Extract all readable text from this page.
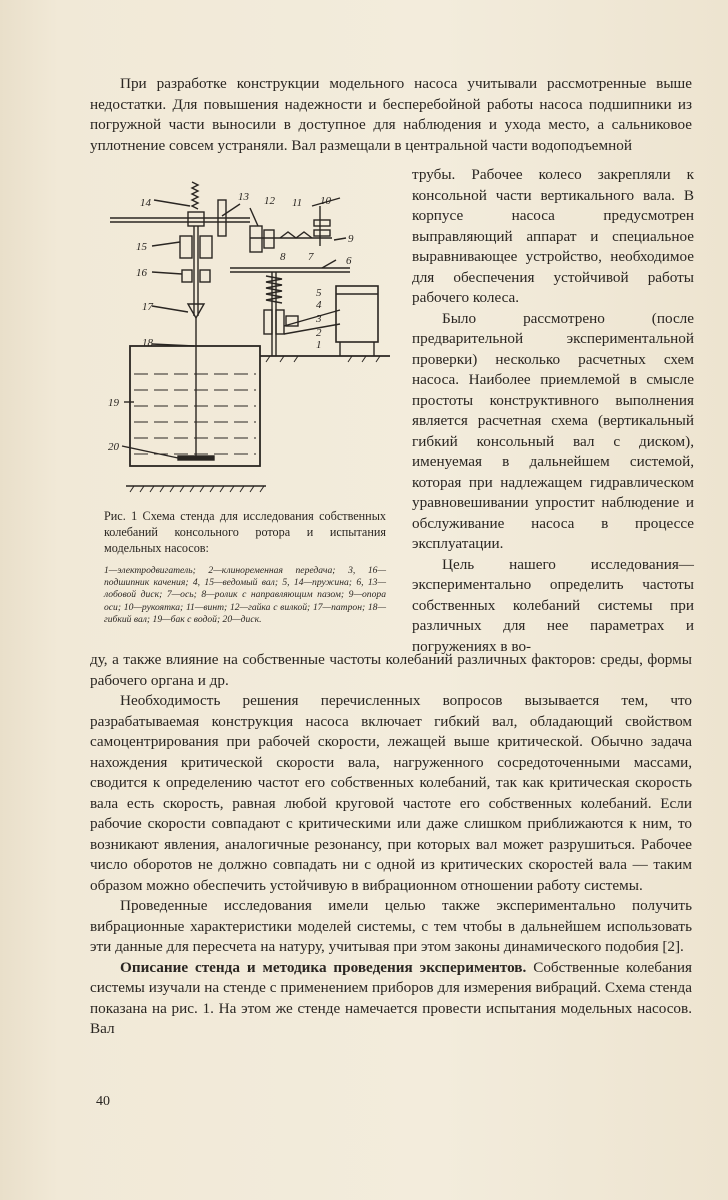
При разработке конструкции модельного насоса учитывали рассмотренные выше недостатки. Для повышения надежности и бесперебойной работы насоса подшипники из погружной части выносили в доступное для наблюдения и ухода место, а сальниковое уплотнение совсем устраняли. Вал размещали в центральной части водоподъемной

трубы. Рабочее колесо закрепляли к консольной части вертикального вала. В корпусе насоса предусмотрен выправляющий аппарат и специальное выравнивающее устройство, необходимое для обеспечения устойчивой работы рабочего колеса.

Было рассмотрено (после предварительной экспериментальной проверки) несколько расчетных схем насоса. Наиболее приемлемой в смысле простоты конструктивного выполнения является расчетная схема (вертикальный гибкий консольный вал с диском), именуемая в дальнейшем системой, которая при надлежащем гидравлическом уравновешивании упростит наблюдение и обслуживание насоса в процессе эксплуатации.

Цель нашего исследования—экспериментально определить частоты собственных колебаний системы при различных для нее параметрах и погружениях в во-

14
15
16
17
18
19
20
13 12 11 10
9
8 7	6
5
4
3
2
1

Рис. 1 Схема стенда для исследования собственных колебаний консольного ротора и испытания модельных насосов:

1—электродвигатель; 2—клиноременная передача; 3, 16—подшипник качения; 4, 15—ведомый вал; 5, 14—пружина; 6, 13—лобовой диск; 7—ось; 8—ролик с направляющим пазом; 9—опора оси; 10—рукоятка; 11—винт; 12—гайка с вилкой; 17—патрон; 18—гибкий вал; 19—бак с водой; 20—диск.

ду, а также влияние на собственные частоты колебаний различных факторов: среды, формы рабочего органа и др.

Необходимость решения перечисленных вопросов вызывается тем, что разрабатываемая конструкция насоса включает гибкий вал, обладающий свойством самоцентрирования при рабочей скорости, лежащей выше критической. Обычно задача нахождения критической скорости вала, нагруженного сосредоточенными массами, сводится к определению частот его собственных колебаний, так как критическая скорость вала есть скорость, равная любой круговой частоте его собственных колебаний. Если рабочие скорости совпадают с критическими или даже слишком приближаются к ним, то возникают явления, аналогичные резонансу, при которых вал может разрушиться. Рабочее число оборотов не должно совпадать ни с одной из критических скоростей вала — таким образом можно обеспечить устойчивую в вибрационном отношении работу системы.

Проведенные исследования имели целью также экспериментально получить вибрационные характеристики моделей системы, с тем чтобы в дальнейшем использовать эти данные для пересчета на натуру, учитывая при этом законы динамического подобия [2].

Описание стенда и методика проведения экспериментов. Собственные колебания системы изучали на стенде с применением приборов для измерения вибраций. Схема стенда показана на рис. 1. На этом же стенде намечается провести испытания модельных насосов. Вал

40
